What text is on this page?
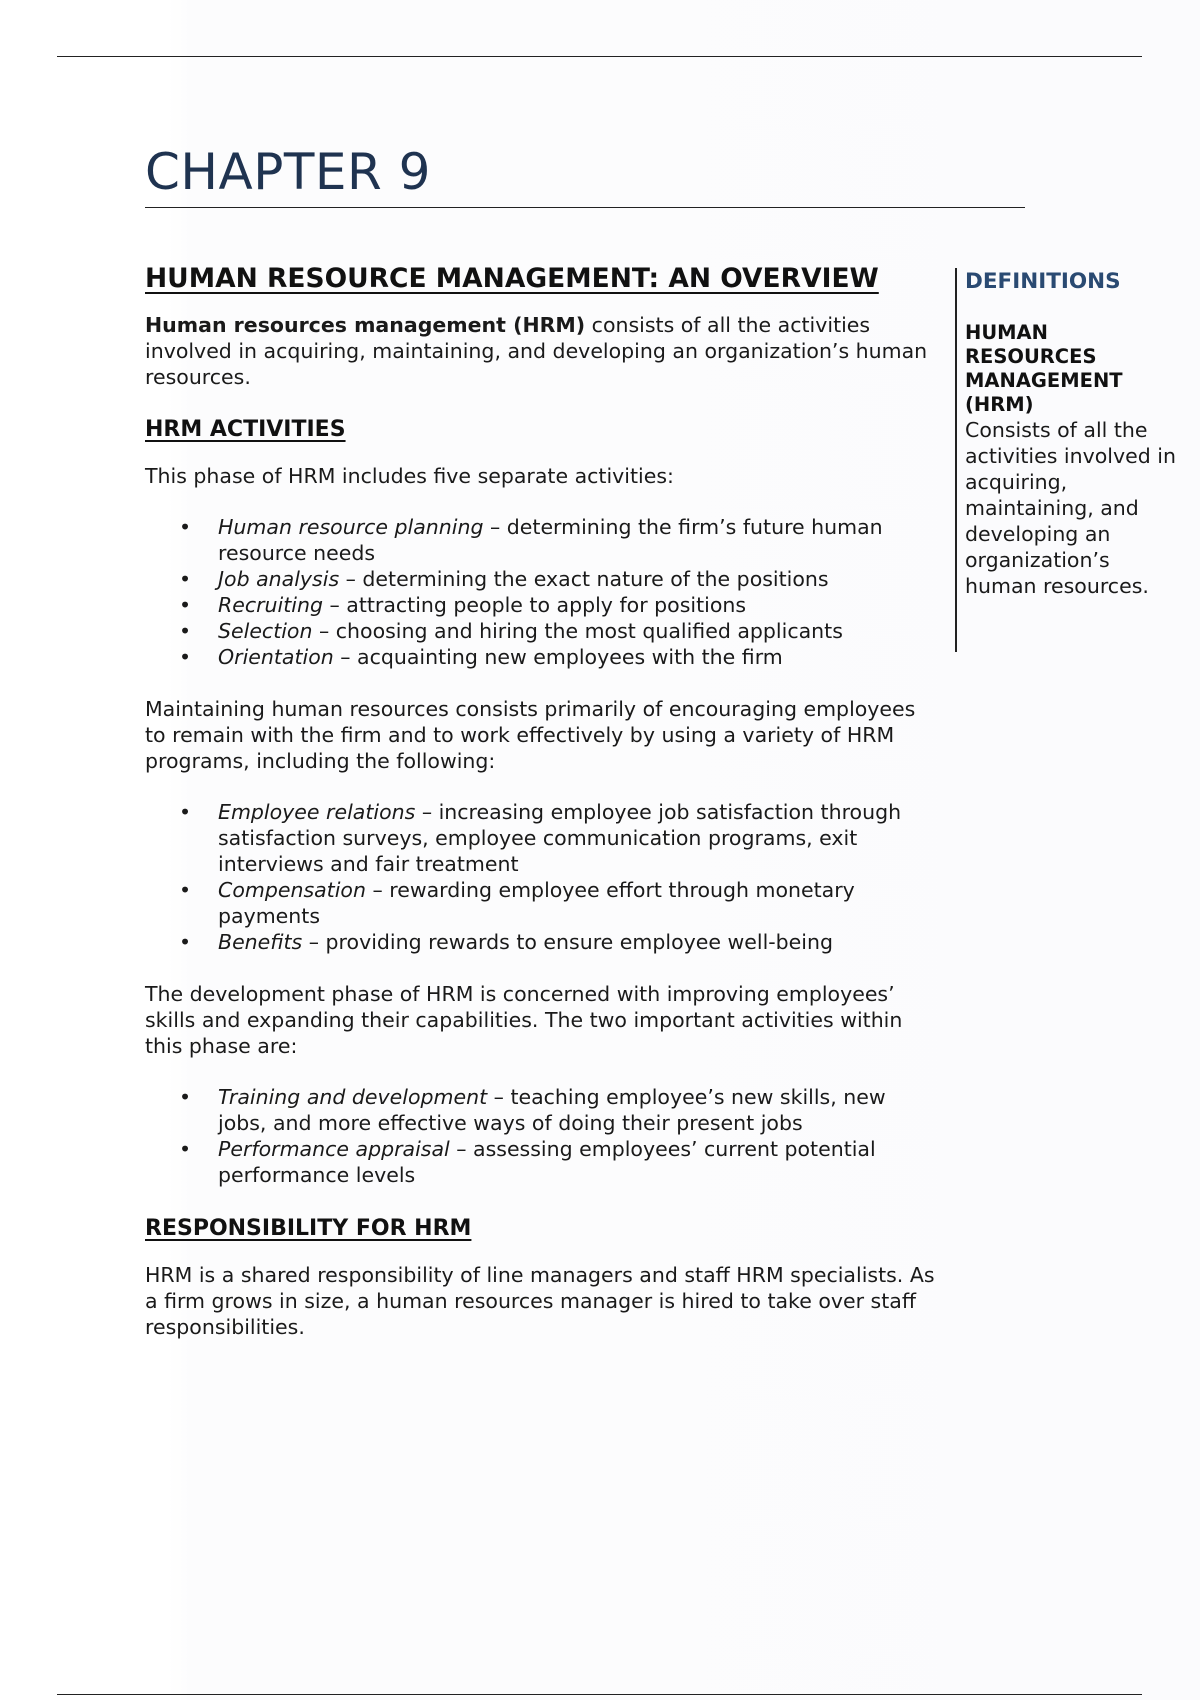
CHAPTER 9
HUMAN RESOURCE MANAGEMENT: AN OVERVIEW

Human resources management (HRM) consists of all the activities involved in acquiring, maintaining, and developing an organization’s human resources.

HRM ACTIVITIES

This phase of HRM includes five separate activities:

• Human resource planning – determining the firm’s future human resource needs
• Job analysis – determining the exact nature of the positions
• Recruiting – attracting people to apply for positions
• Selection – choosing and hiring the most qualified applicants
• Orientation – acquainting new employees with the firm

Maintaining human resources consists primarily of encouraging employees to remain with the firm and to work effectively by using a variety of HRM programs, including the following:

• Employee relations – increasing employee job satisfaction through satisfaction surveys, employee communication programs, exit interviews and fair treatment
• Compensation – rewarding employee effort through monetary payments
• Benefits – providing rewards to ensure employee well-being

The development phase of HRM is concerned with improving employees’ skills and expanding their capabilities. The two important activities within this phase are:

• Training and development – teaching employee’s new skills, new jobs, and more effective ways of doing their present jobs
• Performance appraisal – assessing employees’ current potential performance levels
RESPONSIBILITY FOR HRM

HRM is a shared responsibility of line managers and staff HRM specialists. As a firm grows in size, a human resources manager is hired to take over staff responsibilities.

DEFINITIONS
HUMAN RESOURCES MANAGEMENT (HRM)
Consists of all the activities involved in acquiring, maintaining, and developing an organization’s human resources.
